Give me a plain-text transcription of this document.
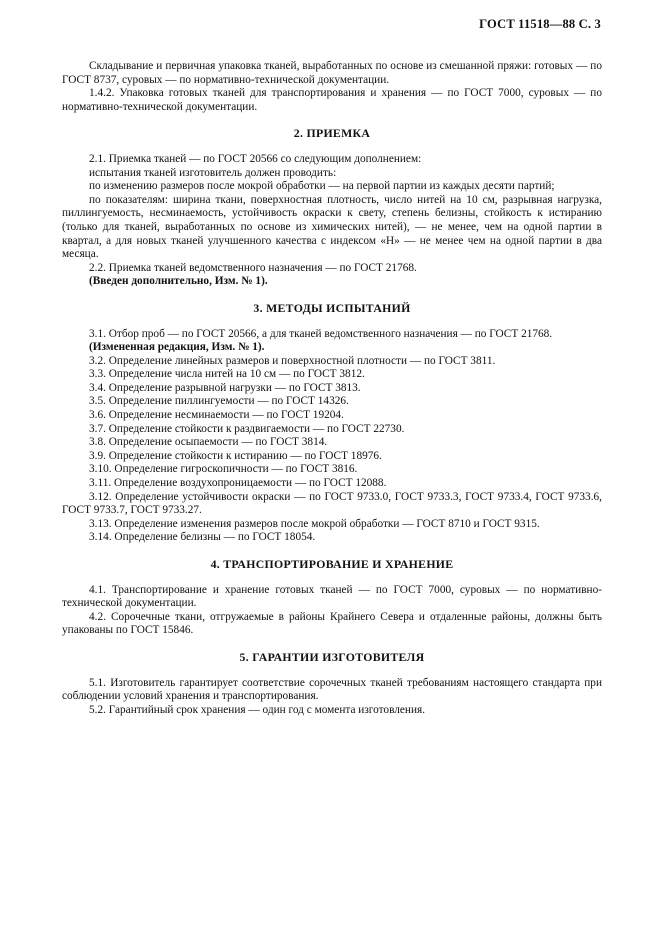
ГОСТ 11518—88 С. 3

Складывание и первичная упаковка тканей, выработанных по основе из смешанной пряжи: готовых — по ГОСТ 8737, суровых — по нормативно-технической документации.

1.4.2. Упаковка готовых тканей для транспортирования и хранения — по ГОСТ 7000, суровых — по нормативно-технической документации.

2. ПРИЕМКА

2.1. Приемка тканей — по ГОСТ 20566 со следующим дополнением:

испытания тканей изготовитель должен проводить:

по изменению размеров после мокрой обработки — на первой партии из каждых десяти партий;

по показателям: ширина ткани, поверхностная плотность, число нитей на 10 см, разрывная нагрузка, пиллингуемость, несминаемость, устойчивость окраски к свету, степень белизны, стойкость к истиранию (только для тканей, выработанных по основе из химических нитей), — не менее, чем на одной партии в квартал, а для новых тканей улучшенного качества с индексом «Н» — не менее чем на одной партии в два месяца.

2.2. Приемка тканей ведомственного назначения — по ГОСТ 21768.

(Введен дополнительно, Изм. № 1).

3. МЕТОДЫ ИСПЫТАНИЙ

3.1. Отбор проб — по ГОСТ 20566, а для тканей ведомственного назначения — по ГОСТ 21768.

(Измененная редакция, Изм. № 1).

3.2. Определение линейных размеров и поверхностной плотности — по ГОСТ 3811.

3.3. Определение числа нитей на 10 см — по ГОСТ 3812.

3.4. Определение разрывной нагрузки — по ГОСТ 3813.

3.5. Определение пиллингуемости — по ГОСТ 14326.

3.6. Определение несминаемости — по ГОСТ 19204.

3.7. Определение стойкости к раздвигаемости — по ГОСТ 22730.

3.8. Определение осыпаемости — по ГОСТ 3814.

3.9. Определение стойкости к истиранию — по ГОСТ 18976.

3.10. Определение гигроскопичности — по ГОСТ 3816.

3.11. Определение воздухопроницаемости — по ГОСТ 12088.

3.12. Определение устойчивости окраски — по ГОСТ 9733.0, ГОСТ 9733.3, ГОСТ 9733.4, ГОСТ 9733.6, ГОСТ 9733.7, ГОСТ 9733.27.

3.13. Определение изменения размеров после мокрой обработки — ГОСТ 8710 и ГОСТ 9315.

3.14. Определение белизны — по ГОСТ 18054.

4. ТРАНСПОРТИРОВАНИЕ И ХРАНЕНИЕ

4.1. Транспортирование и хранение готовых тканей — по ГОСТ 7000, суровых — по нормативно-технической документации.

4.2. Сорочечные ткани, отгружаемые в районы Крайнего Севера и отдаленные районы, должны быть упакованы по ГОСТ 15846.

5. ГАРАНТИИ ИЗГОТОВИТЕЛЯ

5.1. Изготовитель гарантирует соответствие сорочечных тканей требованиям настоящего стандарта при соблюдении условий хранения и транспортирования.

5.2. Гарантийный срок хранения — один год с момента изготовления.
